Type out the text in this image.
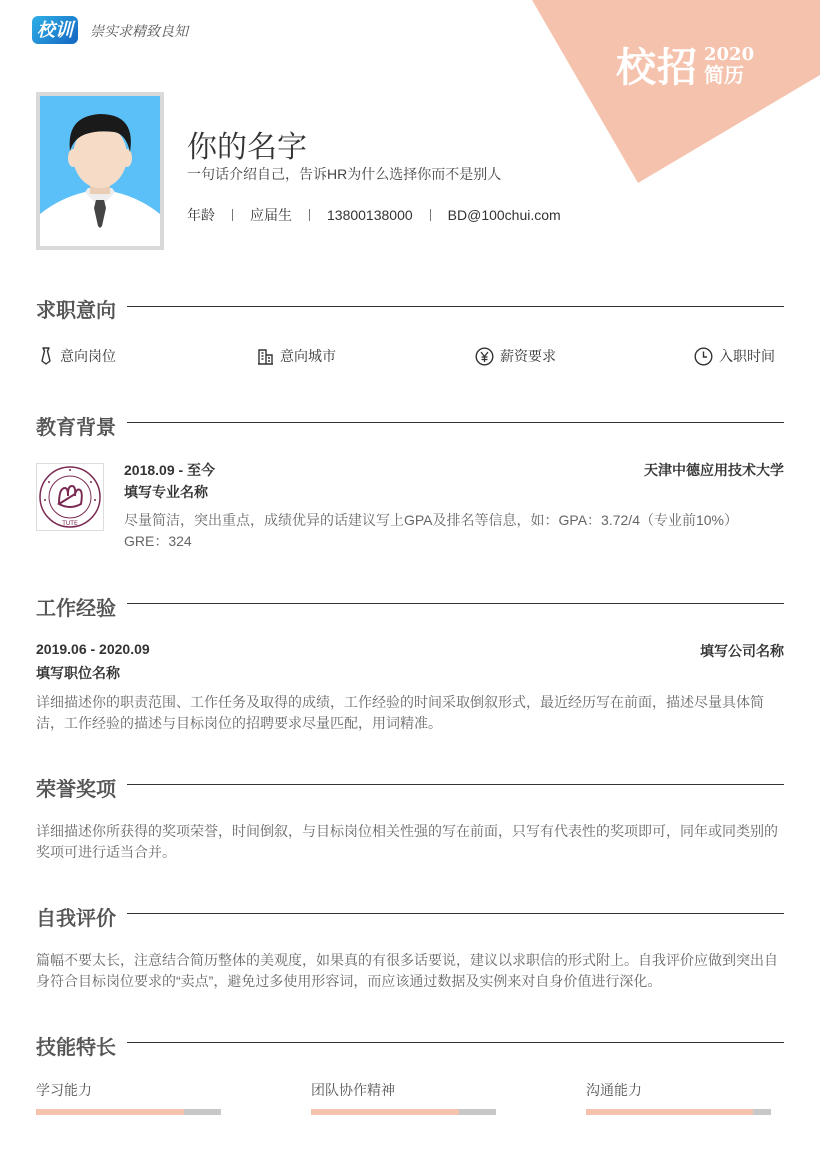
校训	崇实求精致良知
校招 2020
简历
你的名字
一句话介绍自己，告诉HR为什么选择你而不是别人
年龄	应届生	13800138000	BD@100chui.com
求职意向
意向岗位	意向城市	薪资要求	入职时间
教育背景
TUTE
2018.09 - 至今	天津中德应用技术大学
填写专业名称
尽量简洁，突出重点，成绩优异的话建议写上GPA及排名等信息，如：GPA：3.72/4（专业前10%） GRE：324
工作经验
2019.06 - 2020.09	填写公司名称
填写职位名称
详细描述你的职责范围、工作任务及取得的成绩，工作经验的时间采取倒叙形式，最近经历写在前面，描述尽量具体简洁，工作经验的描述与目标岗位的招聘要求尽量匹配，用词精准。
荣誉奖项
详细描述你所获得的奖项荣誉，时间倒叙，与目标岗位相关性强的写在前面，只写有代表性的奖项即可，同年或同类别的奖项可进行适当合并。
自我评价
篇幅不要太长，注意结合简历整体的美观度，如果真的有很多话要说，建议以求职信的形式附上。自我评价应做到突出自身符合目标岗位要求的“卖点”，避免过多使用形容词，而应该通过数据及实例来对自身价值进行深化。
技能特长
学习能力	团队协作精神	沟通能力
